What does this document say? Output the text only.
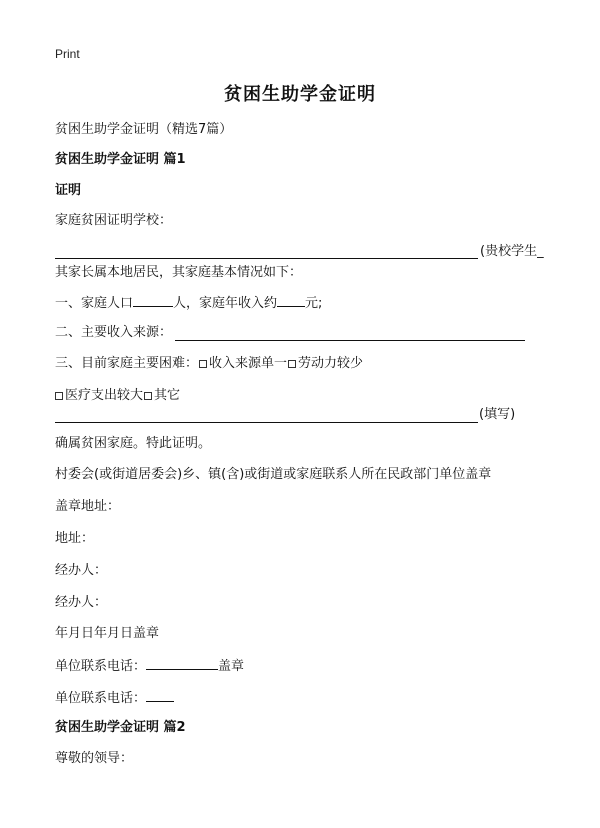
Print
贫困生助学金证明
贫困生助学金证明（精选7篇）
贫困生助学金证明 篇1
证明
家庭贫困证明学校：
(贵校学生_
其家长属本地居民，其家庭基本情况如下：
一、家庭人口	人，家庭年收入约 元;
二、主要收入来源：
三、目前家庭主要困难： 收入来源单一 劳动力较少
医疗支出较大 其它
(填写)
确属贫困家庭。特此证明。
村委会(或街道居委会)乡、镇(含)或街道或家庭联系人所在民政部门单位盖章
盖章地址：
地址：
经办人：
经办人：
年月日年月日盖章
单位联系电话：	盖章
单位联系电话：
贫困生助学金证明 篇2
尊敬的领导：
